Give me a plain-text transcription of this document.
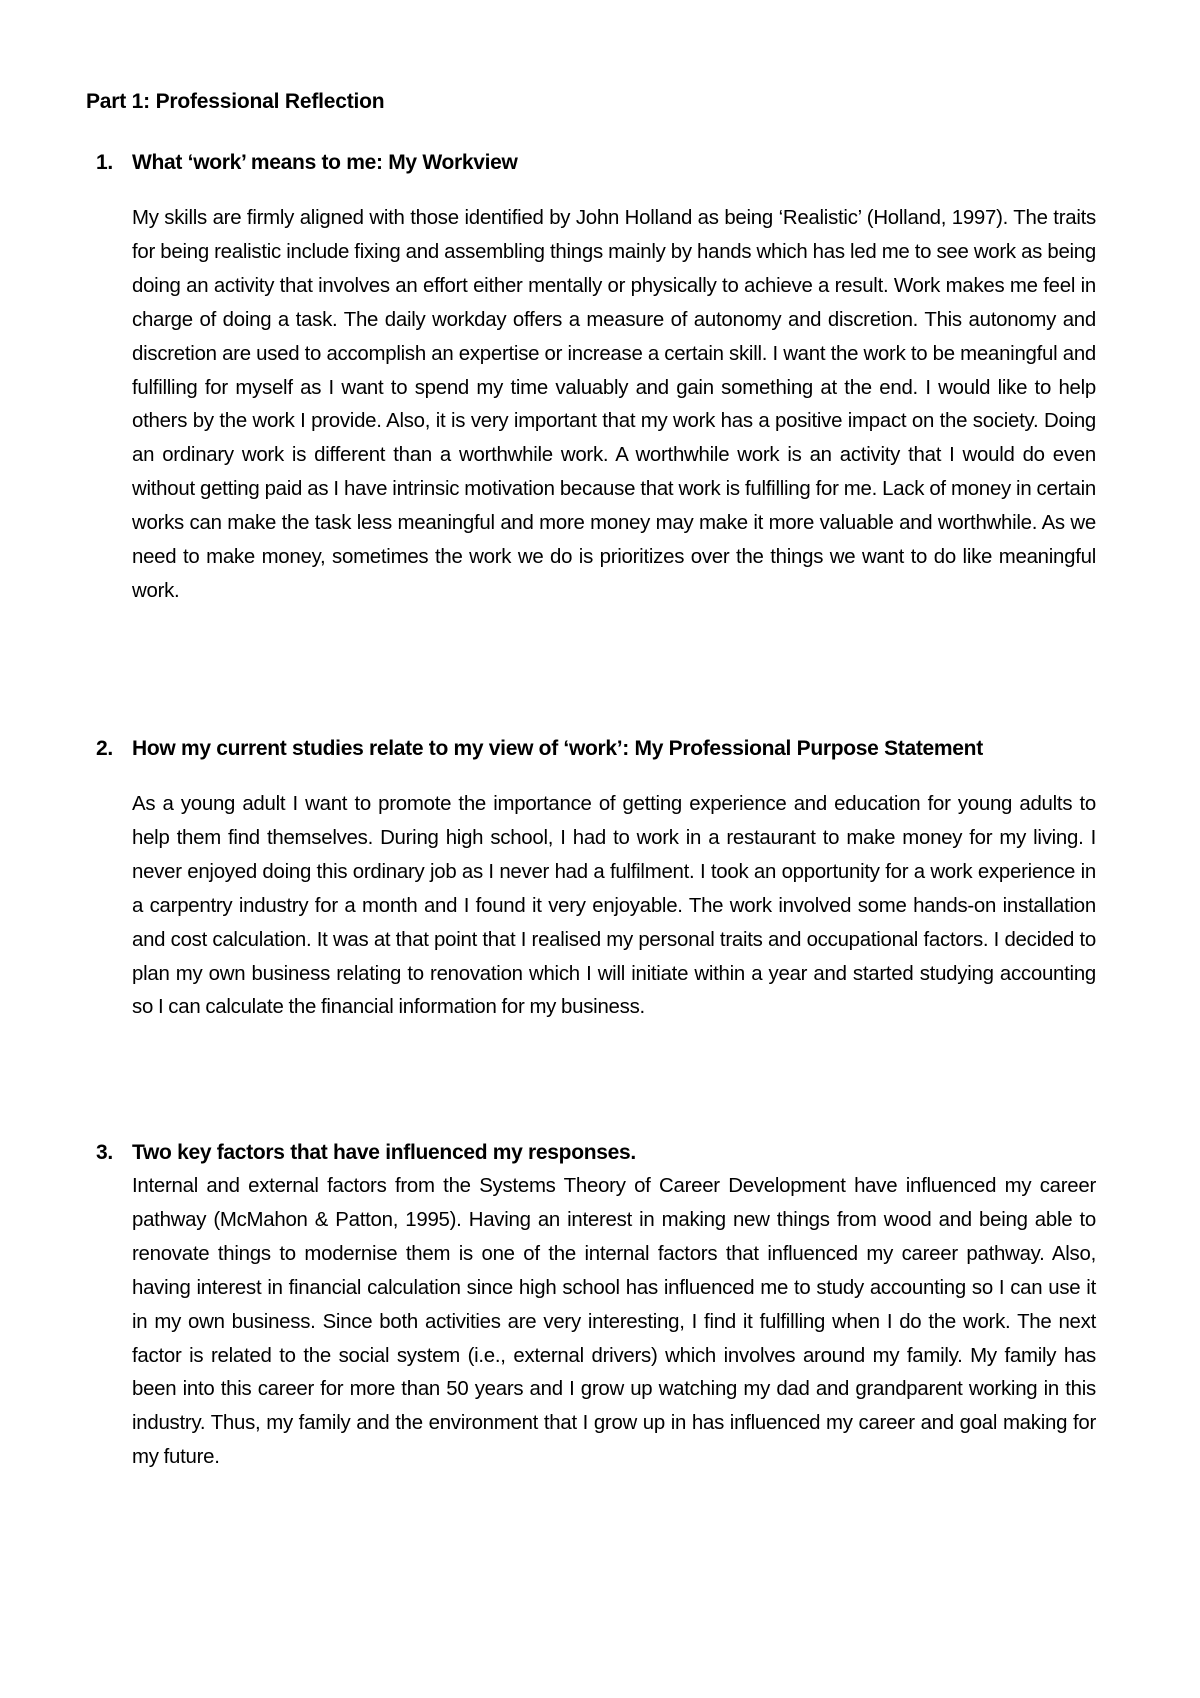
Part 1: Professional Reflection
1. What ‘work’ means to me: My Workview

My skills are firmly aligned with those identified by John Holland as being ‘Realistic’ (Holland, 1997). The traits for being realistic include fixing and assembling things mainly by hands which has led me to see work as being doing an activity that involves an effort either mentally or physically to achieve a result. Work makes me feel in charge of doing a task. The daily workday offers a measure of autonomy and discretion. This autonomy and discretion are used to accomplish an expertise or increase a certain skill. I want the work to be meaningful and fulfilling for myself as I want to spend my time valuably and gain something at the end. I would like to help others by the work I provide. Also, it is very important that my work has a positive impact on the society. Doing an ordinary work is different than a worthwhile work. A worthwhile work is an activity that I would do even without getting paid as I have intrinsic motivation because that work is fulfilling for me. Lack of money in certain works can make the task less meaningful and more money may make it more valuable and worthwhile. As we need to make money, sometimes the work we do is prioritizes over the things we want to do like meaningful work.

2. How my current studies relate to my view of ‘work’: My Professional Purpose Statement

As a young adult I want to promote the importance of getting experience and education for young adults to help them find themselves. During high school, I had to work in a restaurant to make money for my living. I never enjoyed doing this ordinary job as I never had a fulfilment. I took an opportunity for a work experience in a carpentry industry for a month and I found it very enjoyable. The work involved some hands-on installation and cost calculation. It was at that point that I realised my personal traits and occupational factors. I decided to plan my own business relating to renovation which I will initiate within a year and started studying accounting so I can calculate the financial information for my business.

3. Two key factors that have influenced my responses.

Internal and external factors from the Systems Theory of Career Development have influenced my career pathway (McMahon & Patton, 1995). Having an interest in making new things from wood and being able to renovate things to modernise them is one of the internal factors that influenced my career pathway. Also, having interest in financial calculation since high school has influenced me to study accounting so I can use it in my own business. Since both activities are very interesting, I find it fulfilling when I do the work. The next factor is related to the social system (i.e., external drivers) which involves around my family. My family has been into this career for more than 50 years and I grow up watching my dad and grandparent working in this industry. Thus, my family and the environment that I grow up in has influenced my career and goal making for my future.
